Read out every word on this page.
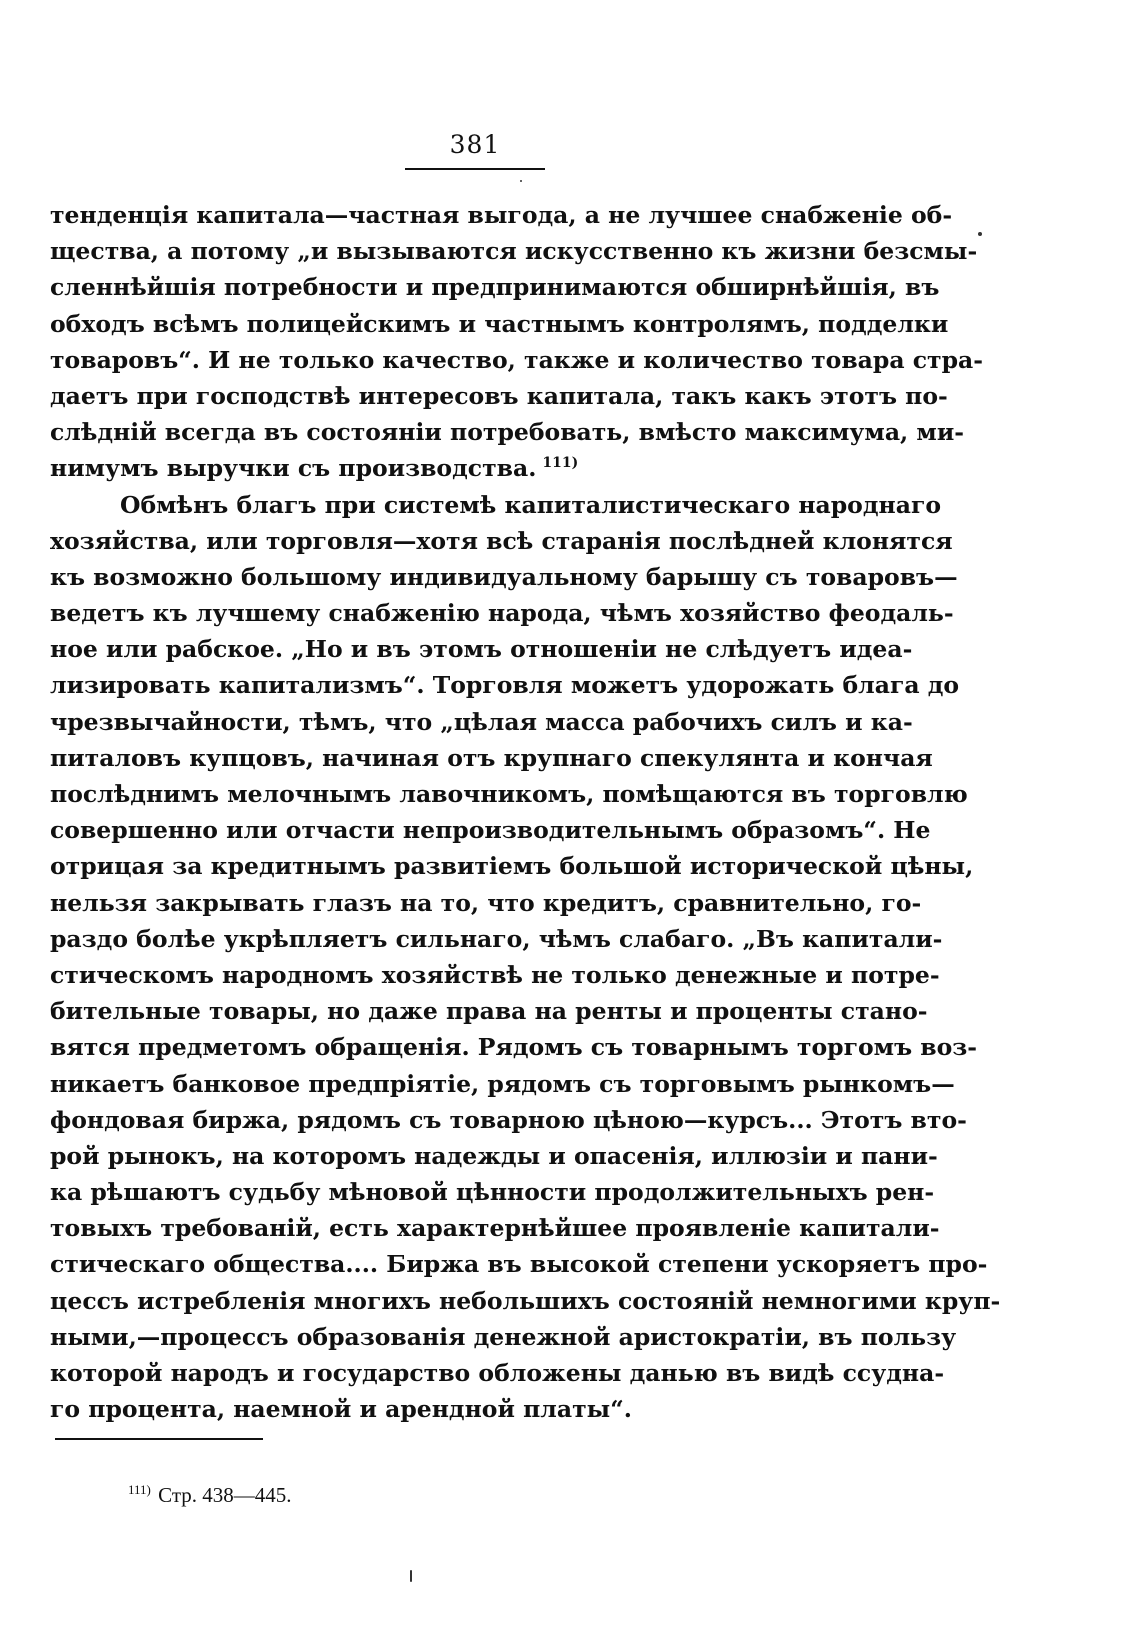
381
тенденція капитала—частная выгода, а не лучшее снабженіе об-
щества, а потому „и вызываются искусственно къ жизни безсмы-
сленнѣйшія потребности и предпринимаются обширнѣйшія, въ
обходъ всѣмъ полицейскимъ и частнымъ контролямъ, подделки
товаровъ“. И не только качество, также и количество товара стра-
даетъ при господствѣ интересовъ капитала, такъ какъ этотъ по-
слѣдній всегда въ состояніи потребовать, вмѣсто максимума, ми-
нимумъ выручки съ производства. $^{111)}$
Обмѣнъ благъ при системѣ капиталистическаго народнаго
хозяйства, или торговля—хотя всѣ старанія послѣдней клонятся
къ возможно большому индивидуальному барышу съ товаровъ—
ведетъ къ лучшему снабженію народа, чѣмъ хозяйство феодаль-
ное или рабское. „Но и въ этомъ отношеніи не слѣдуетъ идеа-
лизировать капитализмъ“. Торговля можетъ удорожать блага до
чрезвычайности, тѣмъ, что „цѣлая масса рабочихъ силъ и ка-
питаловъ купцовъ, начиная отъ крупнаго спекулянта и кончая
послѣднимъ мелочнымъ лавочникомъ, помѣщаются въ торговлю
совершенно или отчасти непроизводительнымъ образомъ“. Не
отрицая за кредитнымъ развитіемъ большой исторической цѣны,
нельзя закрывать глазъ на то, что кредитъ, сравнительно, го-
раздо болѣе укрѣпляетъ сильнаго, чѣмъ слабаго. „Въ капитали-
стическомъ народномъ хозяйствѣ не только денежные и потре-
бительные товары, но даже права на ренты и проценты стано-
вятся предметомъ обращенія. Рядомъ съ товарнымъ торгомъ воз-
никаетъ банковое предпріятіе, рядомъ съ торговымъ рынкомъ—
фондовая биржа, рядомъ съ товарною цѣною—курсъ... Этотъ вто-
рой рынокъ, на которомъ надежды и опасенія, иллюзіи и пани-
ка рѣшаютъ судьбу мѣновой цѣнности продолжительныхъ рен-
товыхъ требованій, есть характернѣйшее проявленіе капитали-
стическаго общества.... Биржа въ высокой степени ускоряетъ про-
цессъ истребленія многихъ небольшихъ состояній немногими круп-
ными,—процессъ образованія денежной аристократіи, въ пользу
которой народъ и государство обложены данью въ видѣ ссудна-
го процента, наемной и арендной платы“.
$^{111)}$ Стр. 438—445.
